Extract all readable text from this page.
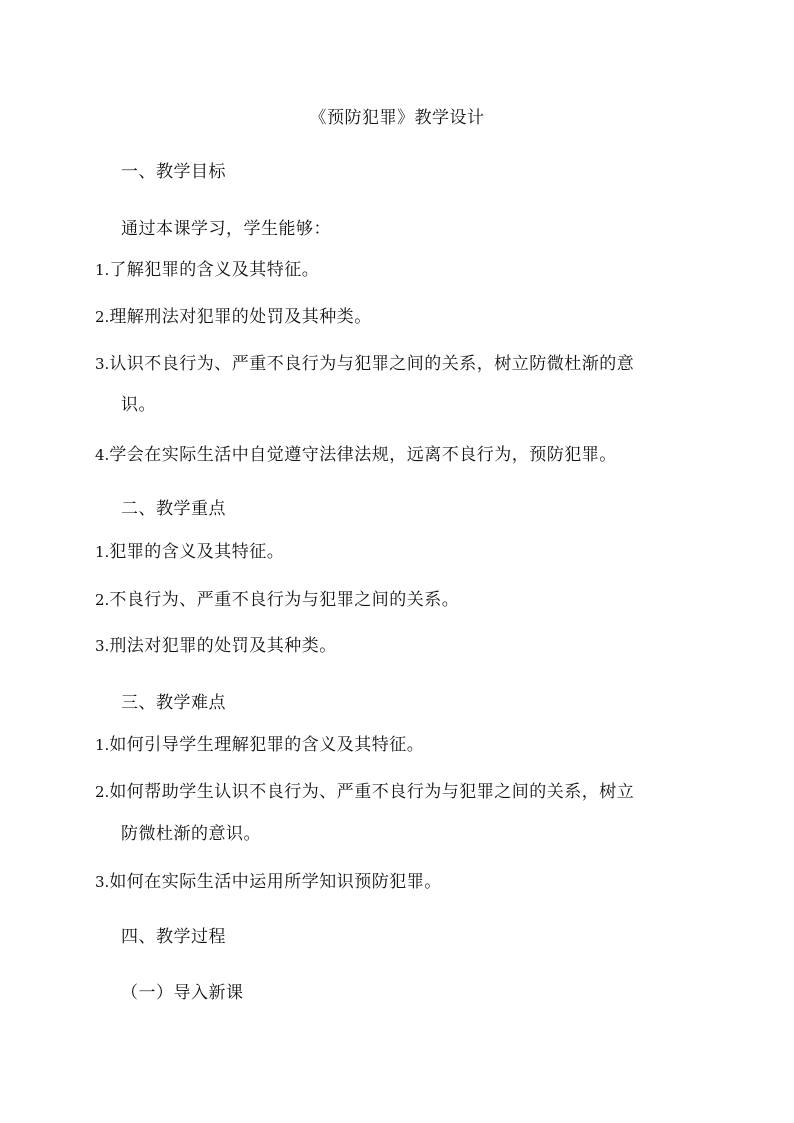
《预防犯罪》教学设计
一、教学目标
通过本课学习，学生能够：
1.了解犯罪的含义及其特征。
2.理解刑法对犯罪的处罚及其种类。
3.认识不良行为、严重不良行为与犯罪之间的关系，树立防微杜渐的意
识。
4.学会在实际生活中自觉遵守法律法规，远离不良行为，预防犯罪。
二、教学重点
1.犯罪的含义及其特征。
2.不良行为、严重不良行为与犯罪之间的关系。
3.刑法对犯罪的处罚及其种类。
三、教学难点
1.如何引导学生理解犯罪的含义及其特征。
2.如何帮助学生认识不良行为、严重不良行为与犯罪之间的关系，树立
防微杜渐的意识。
3.如何在实际生活中运用所学知识预防犯罪。
四、教学过程
（一）导入新课
